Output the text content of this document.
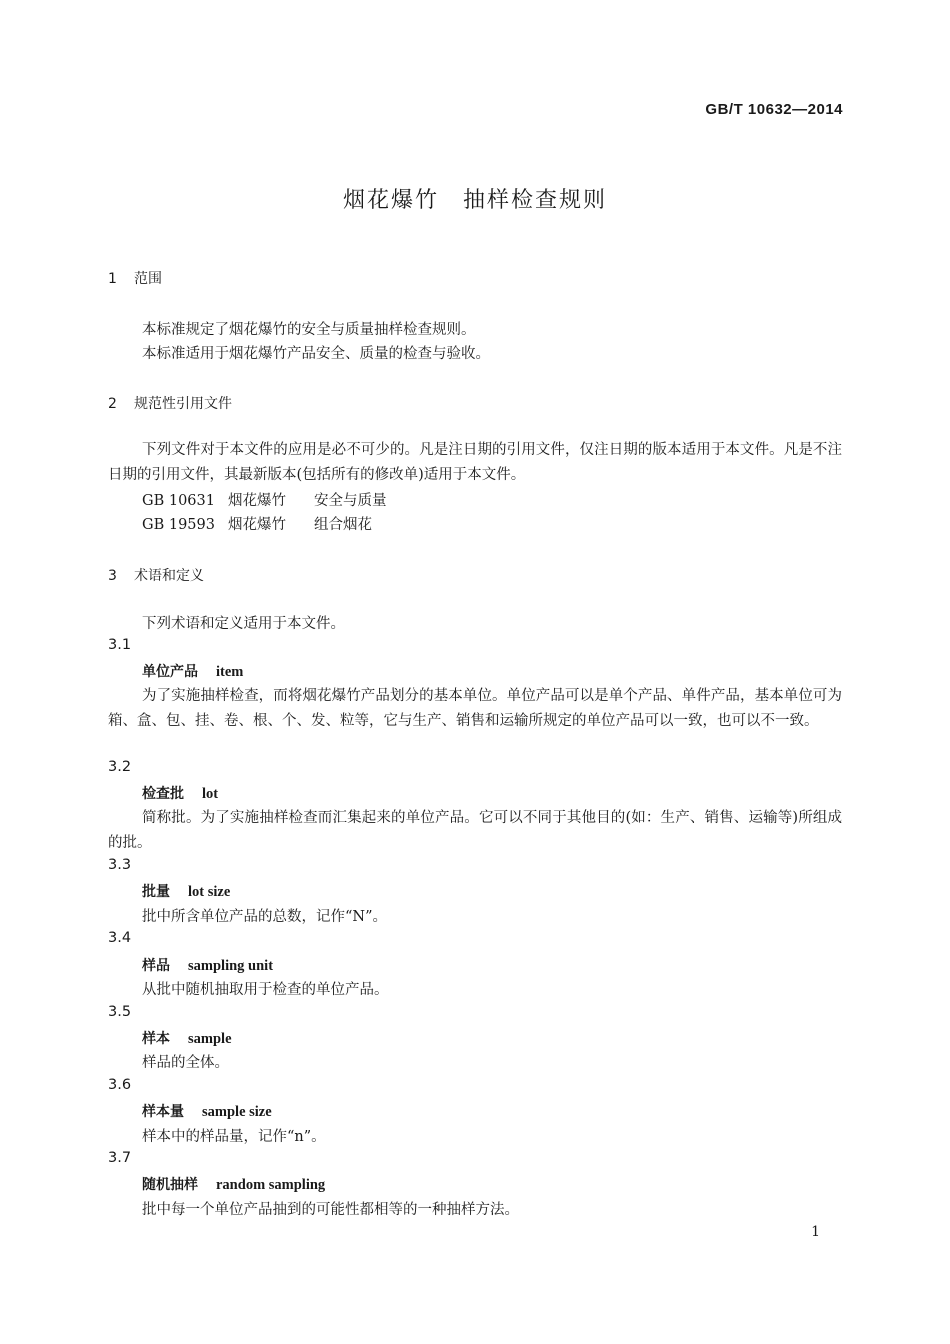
GB/T 10632—2014
烟花爆竹　抽样检查规则
1 范围
本标准规定了烟花爆竹的安全与质量抽样检查规则。
本标准适用于烟花爆竹产品安全、质量的检查与验收。
2 规范性引用文件
下列文件对于本文件的应用是必不可少的。凡是注日期的引用文件，仅注日期的版本适用于本文件。凡是不注日期的引用文件，其最新版本(包括所有的修改单)适用于本文件。
GB 10631 烟花爆竹 安全与质量
GB 19593 烟花爆竹 组合烟花
3 术语和定义
下列术语和定义适用于本文件。
3.1
单位产品 item
为了实施抽样检查，而将烟花爆竹产品划分的基本单位。单位产品可以是单个产品、单件产品，基本单位可为箱、盒、包、挂、卷、根、个、发、粒等，它与生产、销售和运输所规定的单位产品可以一致，也可以不一致。
3.2
检查批 lot
简称批。为了实施抽样检查而汇集起来的单位产品。它可以不同于其他目的(如：生产、销售、运输等)所组成的批。
3.3
批量 lot size
批中所含单位产品的总数，记作“N”。
3.4
样品 sampling unit
从批中随机抽取用于检查的单位产品。
3.5
样本 sample
样品的全体。
3.6
样本量 sample size
样本中的样品量，记作“n”。
3.7
随机抽样 random sampling
批中每一个单位产品抽到的可能性都相等的一种抽样方法。
1
